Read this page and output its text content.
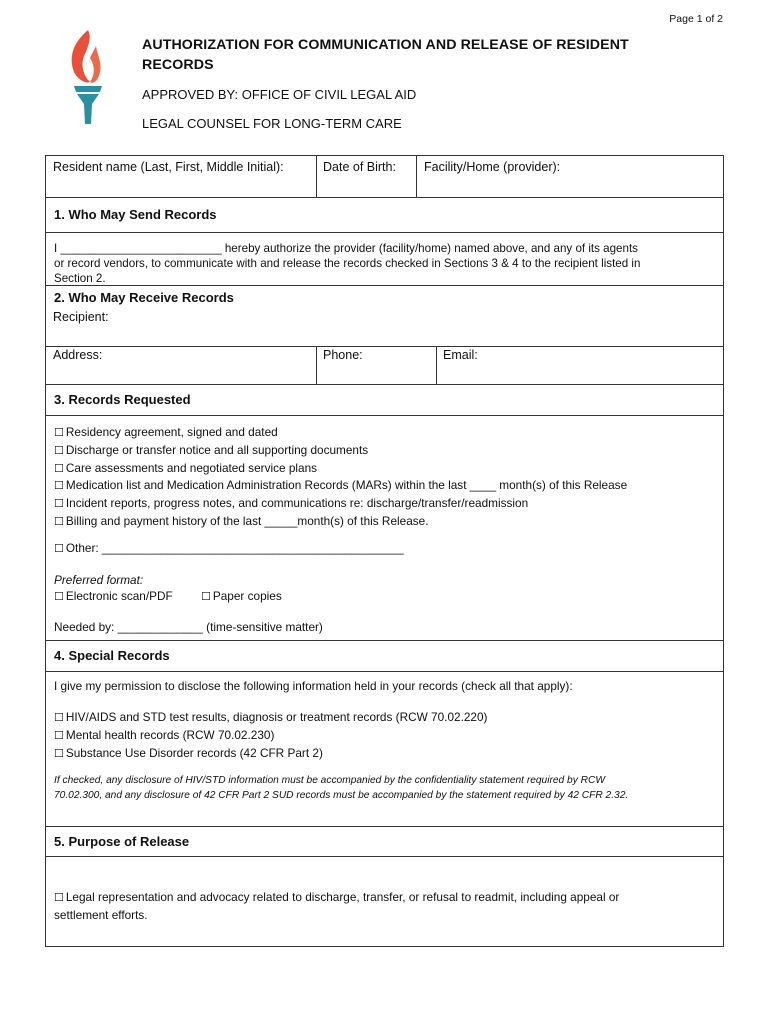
Page 1 of 2
AUTHORIZATION FOR COMMUNICATION AND RELEASE OF RESIDENT RECORDS
APPROVED BY: OFFICE OF CIVIL LEGAL AID
LEGAL COUNSEL FOR LONG-TERM CARE
Resident name (Last, First, Middle Initial):	Date of Birth: Facility/Home (provider):
1. Who May Send Records
I _________________________ hereby authorize the provider (facility/home) named above, and any of its agents
or record vendors, to communicate with and release the records checked in Sections 3 & 4 to the recipient listed in
Section 2.
2. Who May Receive Records
Recipient:
Address:	Phone:	Email:
3. Records Requested
☐ Residency agreement, signed and dated
☐ Discharge or transfer notice and all supporting documents
☐ Care assessments and negotiated service plans
☐ Medication list and Medication Administration Records (MARs) within the last ____ month(s) of this Release
☐ Incident reports, progress notes, and communications re: discharge/transfer/readmission
☐ Billing and payment history of the last _____month(s) of this Release.
☐ Other: ______________________________________________
Preferred format:
☐ Electronic scan/PDF	☐ Paper copies
Needed by: _____________ (time-sensitive matter)
4. Special Records
I give my permission to disclose the following information held in your records (check all that apply):
☐ HIV/AIDS and STD test results, diagnosis or treatment records (RCW 70.02.220)
☐ Mental health records (RCW 70.02.230)
☐ Substance Use Disorder records (42 CFR Part 2)
If checked, any disclosure of HIV/STD information must be accompanied by the confidentiality statement required by RCW
70.02.300, and any disclosure of 42 CFR Part 2 SUD records must be accompanied by the statement required by 42 CFR 2.32.
5. Purpose of Release
☐ Legal representation and advocacy related to discharge, transfer, or refusal to readmit, including appeal or
settlement efforts.
